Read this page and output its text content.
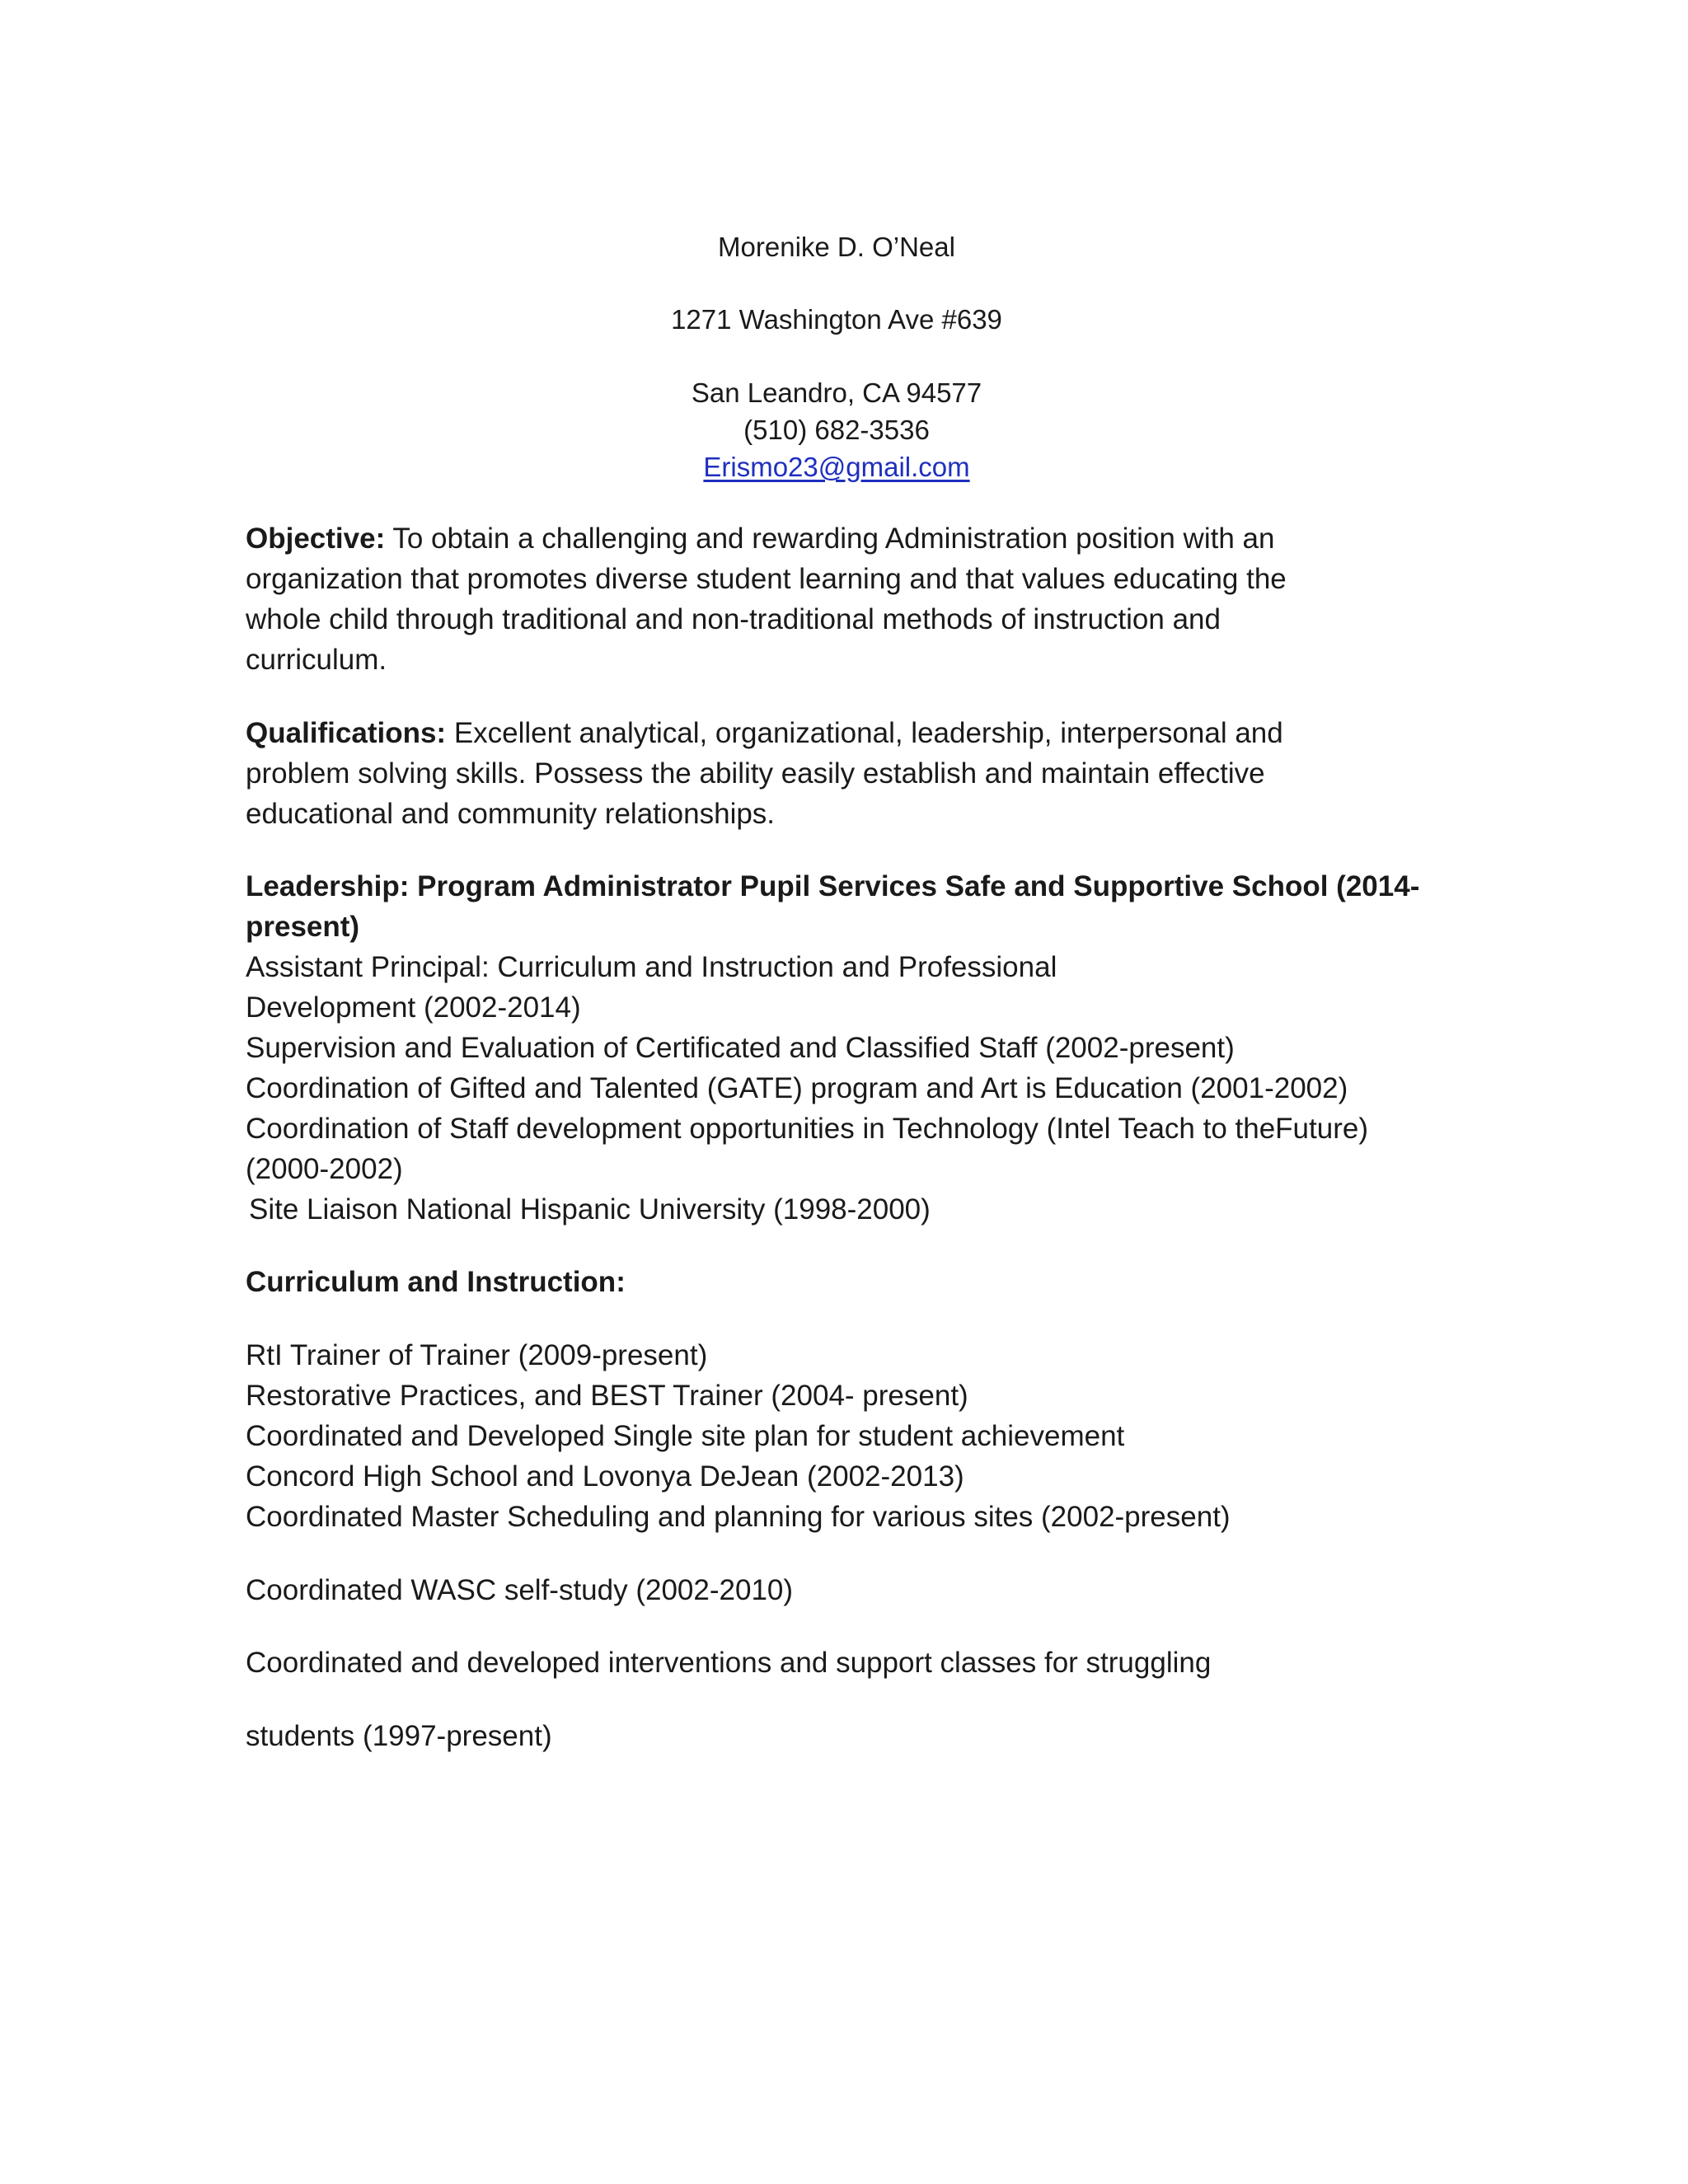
Morenike D. O’Neal
1271 Washington Ave #639
San Leandro, CA 94577
(510) 682-3536
Erismo23@gmail.com
Objective: To obtain a challenging and rewarding Administration position with an
organization that promotes diverse student learning and that values educating the
whole child through traditional and non-traditional methods of instruction and
curriculum.
Qualifications: Excellent analytical, organizational, leadership, interpersonal and
problem solving skills. Possess the ability easily establish and maintain effective
educational and community relationships.
Leadership: Program Administrator Pupil Services Safe and Supportive School (2014-
present)
Assistant Principal: Curriculum and Instruction and Professional
Development (2002-2014)
Supervision and Evaluation of Certificated and Classified Staff (2002-present)
Coordination of Gifted and Talented (GATE) program and Art is Education (2001-2002)
Coordination of Staff development opportunities in Technology (Intel Teach to theFuture)
(2000-2002)
Site Liaison National Hispanic University (1998-2000)
Curriculum and Instruction:
RtI Trainer of Trainer (2009-present)
Restorative Practices, and BEST Trainer (2004- present)
Coordinated and Developed Single site plan for student achievement
Concord High School and Lovonya DeJean (2002-2013)
Coordinated Master Scheduling and planning for various sites (2002-present)
Coordinated WASC self-study (2002-2010)
Coordinated and developed interventions and support classes for struggling
students (1997-present)
